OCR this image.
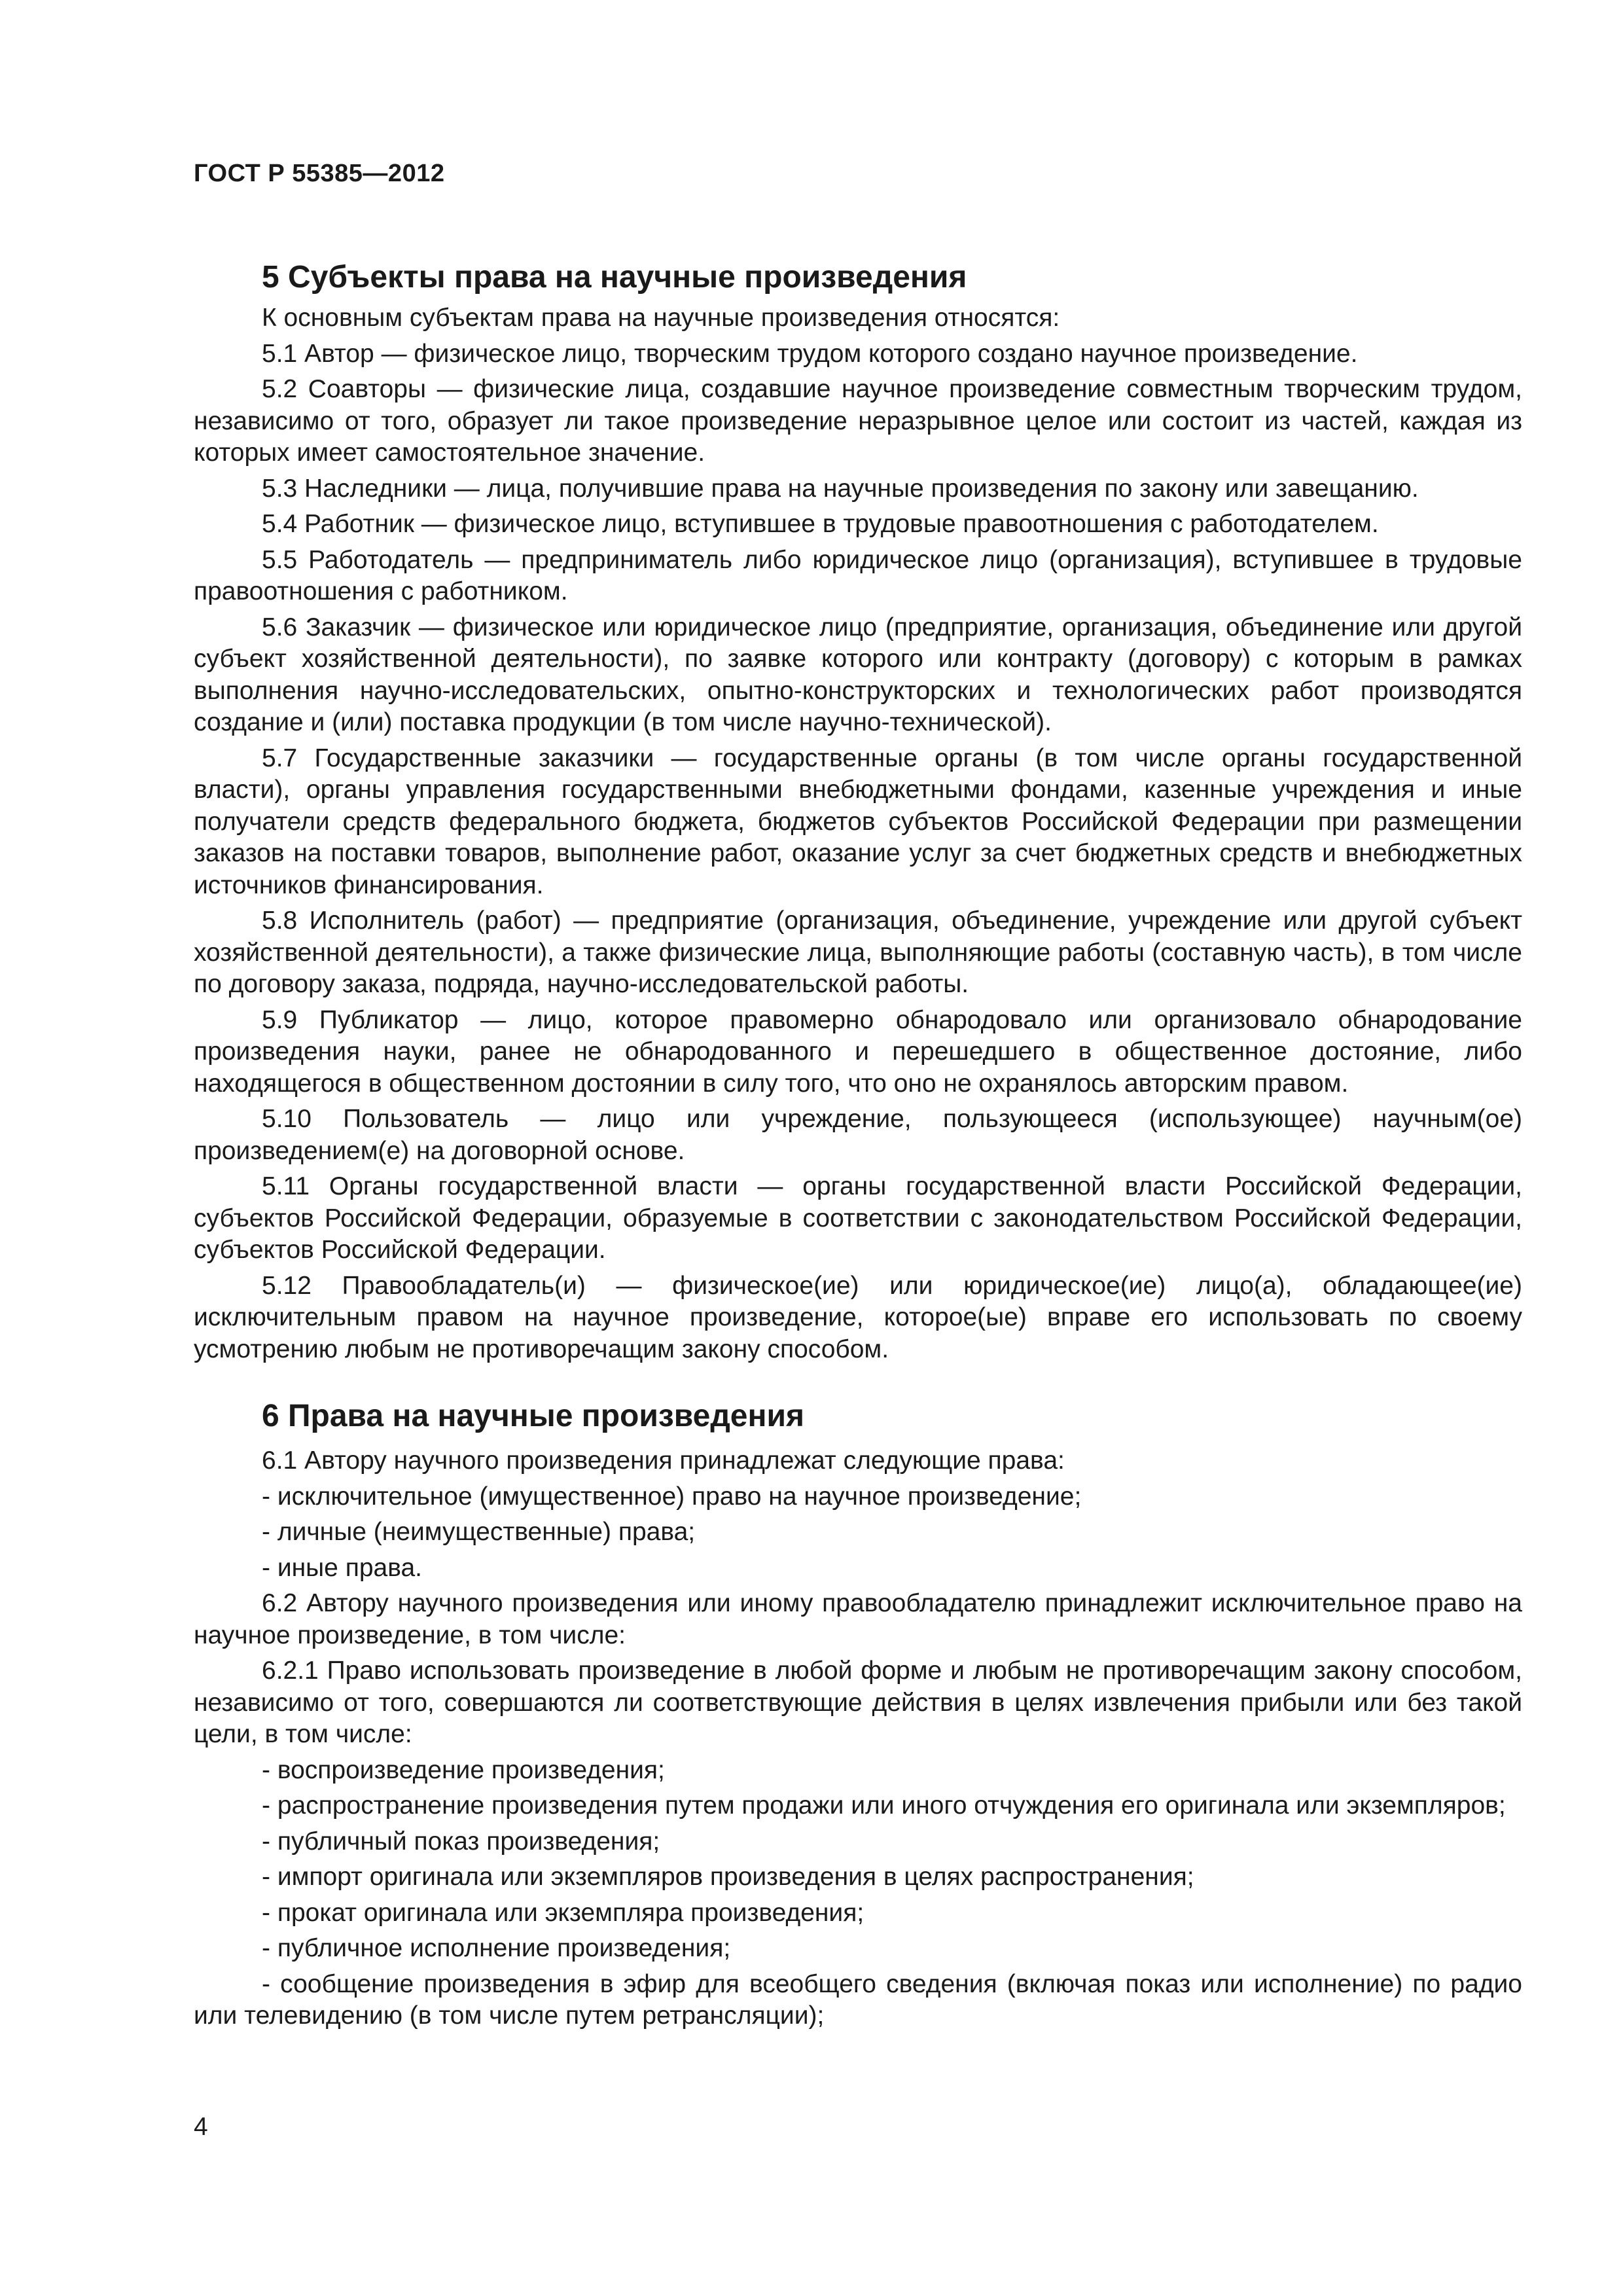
ГОСТ Р 55385—2012
5 Субъекты права на научные произведения

К основным субъектам права на научные произведения относятся:

5.1 Автор — физическое лицо, творческим трудом которого создано научное произведение.

5.2 Соавторы — физические лица, создавшие научное произведение совместным творческим трудом, независимо от того, образует ли такое произведение неразрывное целое или состоит из частей, каждая из которых имеет самостоятельное значение.

5.3 Наследники — лица, получившие права на научные произведения по закону или завещанию.

5.4 Работник — физическое лицо, вступившее в трудовые правоотношения с работодателем.

5.5 Работодатель — предприниматель либо юридическое лицо (организация), вступившее в трудовые правоотношения с работником.

5.6 Заказчик — физическое или юридическое лицо (предприятие, организация, объединение или другой субъект хозяйственной деятельности), по заявке которого или контракту (договору) с которым в рамках выполнения научно-исследовательских, опытно-конструкторских и технологических работ производятся создание и (или) поставка продукции (в том числе научно-технической).

5.7 Государственные заказчики — государственные органы (в том числе органы государственной власти), органы управления государственными внебюджетными фондами, казенные учреждения и иные получатели средств федерального бюджета, бюджетов субъектов Российской Федерации при размещении заказов на поставки товаров, выполнение работ, оказание услуг за счет бюджетных средств и внебюджетных источников финансирования.

5.8 Исполнитель (работ) — предприятие (организация, объединение, учреждение или другой субъект хозяйственной деятельности), а также физические лица, выполняющие работы (составную часть), в том числе по договору заказа, подряда, научно-исследовательской работы.

5.9 Публикатор — лицо, которое правомерно обнародовало или организовало обнародование произведения науки, ранее не обнародованного и перешедшего в общественное достояние, либо находящегося в общественном достоянии в силу того, что оно не охранялось авторским правом.

5.10 Пользователь — лицо или учреждение, пользующееся (использующее) научным(ое) произведением(е) на договорной основе.

5.11 Органы государственной власти — органы государственной власти Российской Федерации, субъектов Российской Федерации, образуемые в соответствии с законодательством Российской Федерации, субъектов Российской Федерации.

5.12 Правообладатель(и) — физическое(ие) или юридическое(ие) лицо(а), обладающее(ие) исключительным правом на научное произведение, которое(ые) вправе его использовать по своему усмотрению любым не противоречащим закону способом.

6 Права на научные произведения

6.1 Автору научного произведения принадлежат следующие права:

- исключительное (имущественное) право на научное произведение;

- личные (неимущественные) права;

- иные права.

6.2 Автору научного произведения или иному правообладателю принадлежит исключительное право на научное произведение, в том числе:

6.2.1 Право использовать произведение в любой форме и любым не противоречащим закону способом, независимо от того, совершаются ли соответствующие действия в целях извлечения прибыли или без такой цели, в том числе:

- воспроизведение произведения;

- распространение произведения путем продажи или иного отчуждения его оригинала или экземпляров;

- публичный показ произведения;

- импорт оригинала или экземпляров произведения в целях распространения;

- прокат оригинала или экземпляра произведения;

- публичное исполнение произведения;

- сообщение произведения в эфир для всеобщего сведения (включая показ или исполнение) по радио или телевидению (в том числе путем ретрансляции);

4
